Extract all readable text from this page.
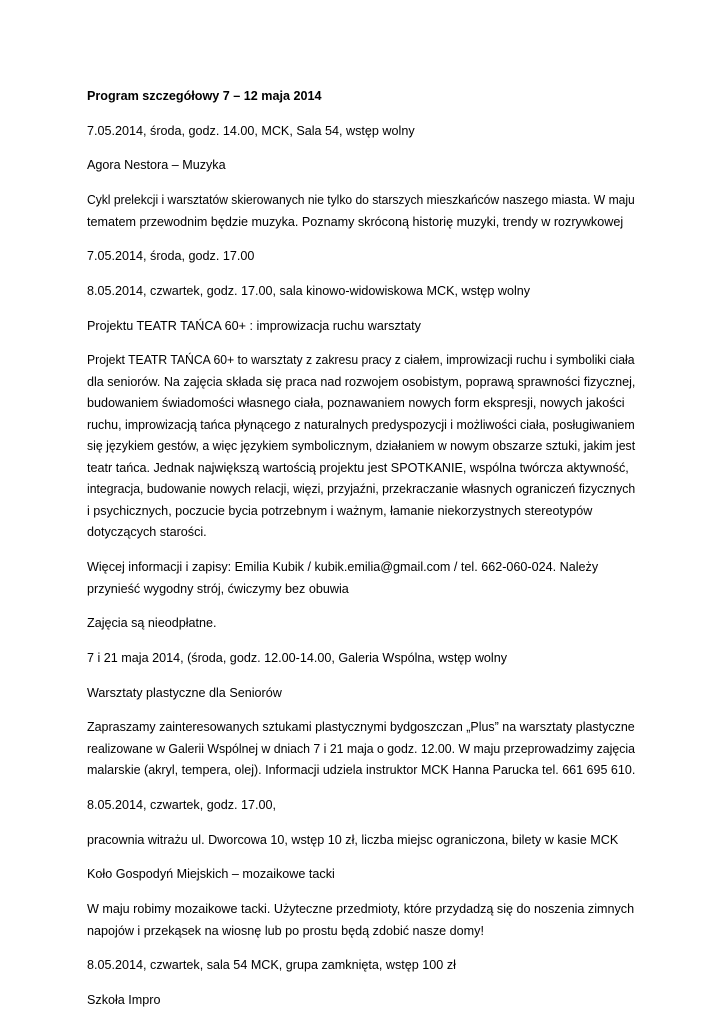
Program szczegółowy 7 – 12 maja 2014

7.05.2014, środa, godz. 14.00, MCK, Sala 54, wstęp wolny

Agora Nestora – Muzyka

Cykl prelekcji i warsztatów skierowanych nie tylko do starszych mieszkańców naszego miasta. W maju
tematem przewodnim będzie muzyka. Poznamy skróconą historię muzyki, trendy w rozrywkowej

7.05.2014, środa, godz. 17.00

8.05.2014, czwartek, godz. 17.00, sala kinowo-widowiskowa MCK, wstęp wolny

Projektu TEATR TAŃCA 60+ : improwizacja ruchu warsztaty

Projekt TEATR TAŃCA 60+ to warsztaty z zakresu pracy z ciałem, improwizacji ruchu i symboliki ciaładla seniorów. Na zajęcia składa się praca nad rozwojem osobistym, poprawą sprawności fizycznej,
budowaniem świadomości własnego ciała, poznawaniem nowych form ekspresji, nowych jakości
ruchu, improwizacją tańca płynącego z naturalnych predyspozycji i możliwości ciała, posługiwaniemsię językiem gestów, a więc językiem symbolicznym, działaniem w nowym obszarze sztuki, jakim jest
teatr tańca. Jednak największą wartością projektu jest SPOTKANIE, wspólna twórcza aktywność,
integracja, budowanie nowych relacji, więzi, przyjaźni, przekraczanie własnych ograniczeń fizycznych
i psychicznych, poczucie bycia potrzebnym i ważnym, łamanie niekorzystnych stereotypów
dotyczących starości.

Więcej informacji i zapisy: Emilia Kubik / kubik.emilia@gmail.com / tel. 662-060-024. Należy
przynieść wygodny strój, ćwiczymy bez obuwia

Zajęcia są nieodpłatne.

7 i 21 maja 2014, (środa, godz. 12.00-14.00, Galeria Wspólna, wstęp wolny

Warsztaty plastyczne dla Seniorów

Zapraszamy zainteresowanych sztukami plastycznymi bydgoszczan „Plus” na warsztaty plastycznerealizowane w Galerii Wspólnej w dniach 7 i 21 maja o godz. 12.00. W maju przeprowadzimy zajęciamalarskie (akryl, tempera, olej). Informacji udziela instruktor MCK Hanna Parucka tel. 661 695 610.

8.05.2014, czwartek, godz. 17.00,

pracownia witrażu ul. Dworcowa 10, wstęp 10 zł, liczba miejsc ograniczona, bilety w kasie MCK

Koło Gospodyń Miejskich – mozaikowe tacki

W maju robimy mozaikowe tacki. Użyteczne przedmioty, które przydadzą się do noszenia zimnych
napojów i przekąsek na wiosnę lub po prostu będą zdobić nasze domy!

8.05.2014, czwartek, sala 54 MCK, grupa zamknięta, wstęp 100 zł

Szkoła Impro
